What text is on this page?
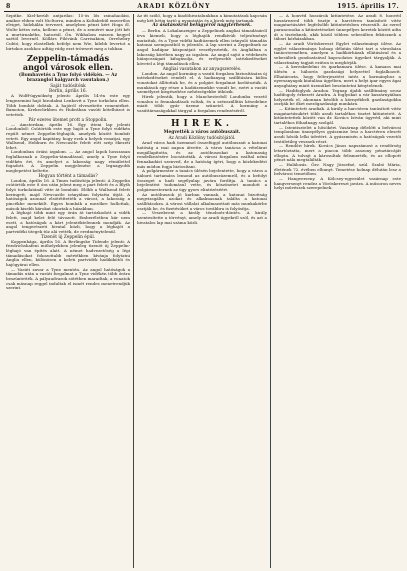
8	ARADI KÖZLÖNY	1915. április 17.

Sepitke. Kiel-került antjarilas: 15-ös lős zsinahaolási, amikor ebben volt Nicltorra, minden a Koltabebűl emvertlos elviget, hidzhálán tervezet, amelyben pénzt kért Hoga ől. Wolte kétes ezta, kellene a pénzt, de a zeméret mar jött két a murtirnakéba, hatoztál. Ön. Wikhalom miszen kegyel saétól levernél. Köllárs Pilóvánk Carrisakion, Orrehebry Cubtó, hogy elostelkek befelyi nem Wie, kilebb levertot a birtokos azokhoz adtág rúdg ezzt tröwsert meg a tokban.

Zeppelin-támadás
angol városok ellen.
(Bombavetés a Tyne folyó vidékén. — Az brazanglol halgyarch vasutakon.)
Saját tudósítónk
Berlin, április 16.

A Wolff-ügynökség jelenti: Április 14-én este egy lengezemini hajó hirodalmi Lenkovit a Tyne torkolata ellen. Több bombát dobtak. A hajóról elveszítette rementéket. Bamoton, Krekeclirkben és Hubrában vasúti kötelhúzot is vetettek.

Pár ezeres ütemet prott a Stoppolin.

— Amsterdam, április 16. Egy itteni lap jelenti Londonból: Csütörtök este egy hajót a Tyne folyó vidékén repült német Zeppelin-léghajók, amelyek között bombát vetett. Egy angol kapitány, hogy ezek a helyek vonatjai, egy Wallsend, Hebburn és Newcastle felett rótt szép ékezeti lehet.

Londonban óriási izgalom. — Az angol lapok hosszasan foglalkoznak a Zeppelin-támadással, amely a Tyne folyó vidékén ért, és amelyet a lakosság nagy rémülettel fogadott. A Zeppelin megjelenése a legnagyobb meglepetést keltette.

Hogyan történt a támadás?

London, április 16. A Times tudósítója jelenti: A Zeppelin csütörtök este 8 óra után jelent meg a part felett és a Blyth folyó torkolatánál vitte át bombáit. Előbb a Wallsend felett keringett, majd Newcastle irányában folytatta útját. A hatóságok azonnal elsötétítették a várost, a lakosság a pincékbe menekült. Egyes bombák a mezőkre hullottak, mások kisebb károkat okoztak a házakban.

A léghajó több mint egy órán át tartózkodott a vidék felett, majd kelet felé távozott. Emberéletben kár nem esett, a hatóságok a kárt jelentéktelennek mondják. Az angol tengerészeti hivatal közli, hogy a léghajót a partvidéki ütegek tűz alá vették, de eredménytelenül.

Tizenöt új Zeppelin épül.

Koppenhága, április 16. A Berlingske Tidende jelenti: A friedrichshafeni műhelyekben jelenleg tizenöt új Zeppelin-léghajó van építés alatt. A német hadvezetőség a légi támadásokat fokozottabb mértékben kívánja folytatni Anglia ellen, különösen a keleti partvidék hadikikötői és hajógyárai ellen.

— Vasúti zavar a Tyne mentén. Az angol hatóságok a támadás után a vasúti forgalmat a Tyne vidékén több órára beszüntették. A pályaudvarok sötétben maradtak, a vonatok csak másnap reggel indultak el ismét rendes menetrendjük szerint.

Az itt szólő, hogy a kiadóhivatalunkban a kimutatások kapcsán még két hétig tartó a nyomtatás és a hirek még tartanak.

Az ásatásokról belügyéről nagyterhesek.

— Berlin. A Lokalanzeiger a Zeppelinek angliai támadásáról írva kiemeli, hogy a léghajók rendkívüli teljesítményt mutattak, és a Tyne vidéki hadiüzemek ellen irányuló támadás katonai szempontból is jelentős. A lap szerint a Zeppelinek az angol hadiipar központjait veszélyeztetik, és Angliában a lakosság körében nagy az izgalom. Az angol sajtó a védekezés hiányosságait kifogásolja, és erélyesebb intézkedéseket követel a légi támadások ellen.

Angliai vasutakon az anyagszerelés.

London. Az angol kormány a vasúti forgalom biztosítására új intézkedéseket rendelt el. A hadianyag szállítására külön vonatokat állítottak be, és a polgári forgalmat korlátozták. A munkások egy része a hadiüzemekbe vonult be, ezért a vasúti személyzet kiegészítése nehézségekbe ütközik.

Hirek jelentik, hogy a Manchesterből Londonba vezető vonalon is fennakadások voltak, és a szénszállítás késedelme miatt több gyár üzeme szünetel. A kormány a vasúttársaságokkal tárgyal a forgalom rendezéséről.

HIREK.
Megvették a város autóbuszait.
Az Aradi Közlöny tudósítójától.

Arad város hadi üzemmel összefüggő autóbuszait a katonai hatóság a mai napon átvette. A város tanácsa a vételárat megállapította, és az autóbuszokat a katonaság rendelkezésére bocsátották. A városi forgalom ezáltal némi fennakadást szenved, de a hatóság ígéri, hogy a közlekedést más módon fogja biztosítani.

A polgármester a tanács ülésén bejelentette, hogy a város a háború tartamára lemond az autóbuszüzemről, és a befolyt összeget a hadi segélyalap javára fordítja. A tanács a bejelentést tudomásul vette, és köszönetet mondott a polgármesternek az ügy gyors elintézéséért.

Az autóbuszok jó karban vannak, a katonai bizottság megvizsgálta azokat és alkalmasnak találta a katonai szállításokra. A városi vállalat alkalmazottait más munkakörbe osztják be, és fizetésüket a város továbbra is folyósítja.

— Veszekvent a király ténoboéz-döntés. A király szentesítette a törvényt, amely az aradi ügyekről szól, és azt a hivatalos lap mai száma közli.

— A honvéd huszárok kitüntetése. Az aradi 8. honvéd huszárezred több tisztje a harctéren tanúsított vitéz magatartásáért legfelsőbb kitüntetésben részesült. Az ezred parancsnoka a kitüntetéseket ünnepélyes keretek között adta át a tiszteknek, akik közül többen sebesülten feküsznek a tábori kórházakban.

— Az aradi Vöröskereszt Egylet választmányi ülése. Az egylet választmánya holnap délután ülést tart a városháza tanácstermében, amelyen a hadikórházak ellátásával és a sebesültek gondozásával kapcsolatos ügyeket tárgyalják. A választmány tagjait ezúton is meghívják.

— A kereskedelmi és iparkamara ülése. A kamara mai ülésén a háborús gazdasági helyzettel foglalkozott. Elhatározta, hogy felterjesztést intéz a kormányhoz a nyersanyagok kiutalása ügyében, mert a helyi ipar egyes ágai anyaghiány miatt üzemüket beszüntetni kénytelenek.

— Hadifoglyok Aradon. Tegnap újabb szállítmány orosz hadifogoly érkezett Aradra. A foglyokat a vár kaszárnyáiban helyezték el, ahonnan később a környékbeli gazdaságokba osztják be őket mezőgazdasági munkára.

— Kitüntetett aradiak. A király a harctéren tanúsított vitéz magatartásukért több aradi tartalékos tisztet kitüntetett. A kitüntetettek között van dr. Kovács István ügyvéd, aki mint tartalékos főhadnagy szolgál.

— Istentisztelet a hősökért. Vasárnap délelőtt a belvárosi templomban ünnepélyes gyászmise lesz a harctéren elesett aradi hősök lelki üdvéért. A gyászmisén a hatóságok vezetői testületileg vesznek részt.

— Rendőri hírek. Kovács János napszámost a rendőrség letartóztatta, mert a piacon több asszony pénztárcáját ellopta. A tolvajt a károsultak felismerték, és az ellopott pénzt nála megtalálták.

— Halálozás. Özv. Nagy Józsefné, szül. Szabó Mária, életének 72. évében elhunyt. Temetése holnap délután lesz a belvárosi temetőben.

— Hangverseny. A Kölcsey-egyesület vasárnap este hangversenyt rendez a Vöröskereszt javára. A műsoron neves helyi művészek szerepelnek.
